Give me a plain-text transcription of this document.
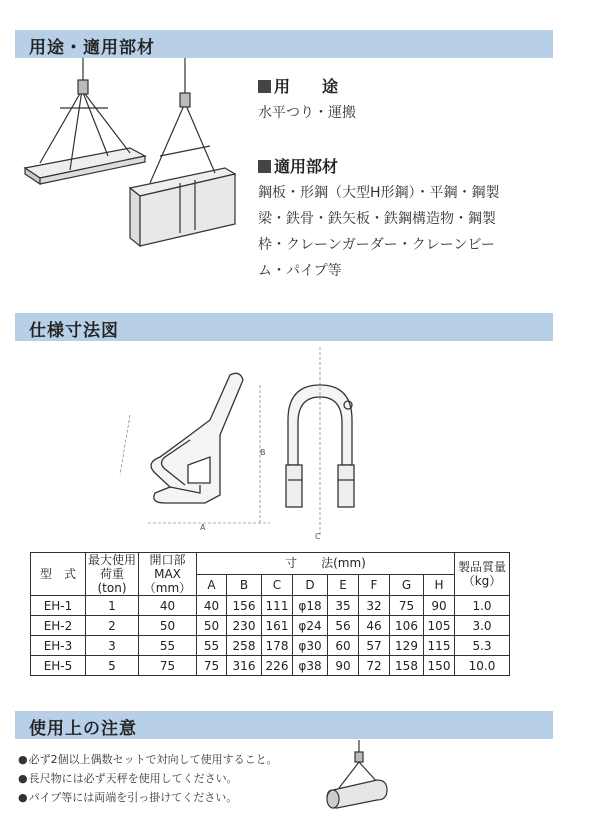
用途・適用部材
用　　途
水平つり・運搬
適用部材
鋼板・形鋼（大型H形鋼）・平鋼・鋼製
梁・鉄骨・鉄矢板・鉄鋼構造物・鋼製
枠・クレーンガーダー・クレーンビー
ム・パイプ等
仕様寸法図
B
A
C
型　式	最大使用荷重(ton)	開口部MAX（mm）	寸　　法(mm)								製品質量（kg）
			A	B	C	D	E	F	G	H	
EH-1	1	40	40	156	111	φ18	35	32	75	90	1.0
EH-2	2	50	50	230	161	φ24	56	46	106	105	3.0
EH-3	3	55	55	258	178	φ30	60	57	129	115	5.3
EH-5	5	75	75	316	226	φ38	90	72	158	150	10.0
使用上の注意
● 必ず2個以上偶数セットで対向して使用すること。
● 長尺物には必ず天秤を使用してください。
● パイプ等には両端を引っ掛けてください。
